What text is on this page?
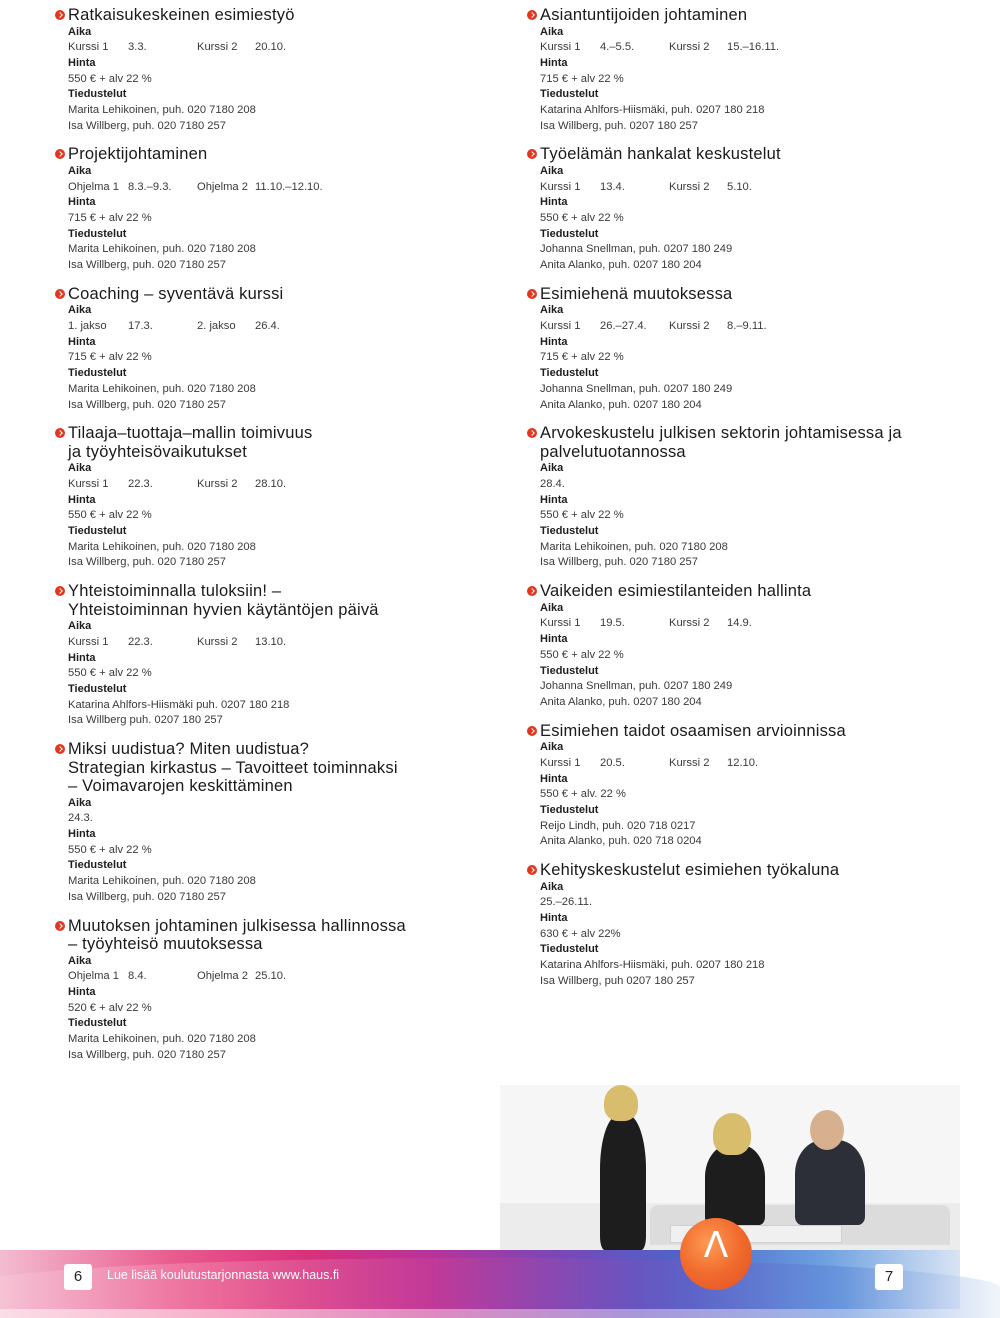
Ratkaisukeskeinen esimiestyö
Aika
Kurssi 1 3.3.	Kurssi 2 20.10.
Hinta
550 € + alv 22 %
Tiedustelut
Marita Lehikoinen, puh. 020 7180 208
Isa Willberg, puh. 020 7180 257
Projektijohtaminen
Aika
Ohjelma 1 8.3.–9.3. Ohjelma 2 11.10.–12.10.
Hinta
715 € + alv 22 %
Tiedustelut
Marita Lehikoinen, puh. 020 7180 208
Isa Willberg, puh. 020 7180 257
Coaching – syventävä kurssi
Aika
1. jakso 17.3.	2. jakso 26.4.
Hinta
715 € + alv 22 %
Tiedustelut
Marita Lehikoinen, puh. 020 7180 208
Isa Willberg, puh. 020 7180 257
Tilaaja–tuottaja–mallin toimivuus
ja työyhteisövaikutukset
Aika
Kurssi 1 22.3.	Kurssi 2 28.10.
Hinta
550 € + alv 22 %
Tiedustelut
Marita Lehikoinen, puh. 020 7180 208
Isa Willberg, puh. 020 7180 257
Yhteistoiminnalla tuloksiin! –
Yhteistoiminnan hyvien käytäntöjen päivä
Aika
Kurssi 1 22.3.	Kurssi 2 13.10.
Hinta
550 € + alv 22 %
Tiedustelut
Katarina Ahlfors-Hiismäki puh. 0207 180 218
Isa Willberg puh. 0207 180 257
Miksi uudistua? Miten uudistua?
Strategian kirkastus – Tavoitteet toiminnaksi
– Voimavarojen keskittäminen
Aika
24.3.
Hinta
550 € + alv 22 %
Tiedustelut
Marita Lehikoinen, puh. 020 7180 208
Isa Willberg, puh. 020 7180 257
Muutoksen johtaminen julkisessa hallinnossa
– työyhteisö muutoksessa
Aika
Ohjelma 1 8.4.	Ohjelma 2 25.10.
Hinta
520 € + alv 22 %
Tiedustelut
Marita Lehikoinen, puh. 020 7180 208
Isa Willberg, puh. 020 7180 257
Asiantuntijoiden johtaminen
Aika
Kurssi 1 4.–5.5.	Kurssi 2 15.–16.11.
Hinta
715 € + alv 22 %
Tiedustelut
Katarina Ahlfors-Hiismäki, puh. 0207 180 218
Isa Willberg, puh. 0207 180 257
Työelämän hankalat keskustelut
Aika
Kurssi 1 13.4.	Kurssi 2 5.10.
Hinta
550 € + alv 22 %
Tiedustelut
Johanna Snellman, puh. 0207 180 249
Anita Alanko, puh. 0207 180 204
Esimiehenä muutoksessa
Aika
Kurssi 1 26.–27.4. Kurssi 2 8.–9.11.
Hinta
715 € + alv 22 %
Tiedustelut
Johanna Snellman, puh. 0207 180 249
Anita Alanko, puh. 0207 180 204
Arvokeskustelu julkisen sektorin johtamisessa ja
palvelutuotannossa
Aika
28.4.
Hinta
550 € + alv 22 %
Tiedustelut
Marita Lehikoinen, puh. 020 7180 208
Isa Willberg, puh. 020 7180 257
Vaikeiden esimiestilanteiden hallinta
Aika
Kurssi 1 19.5.	Kurssi 2 14.9.
Hinta
550 € + alv 22 %
Tiedustelut
Johanna Snellman, puh. 0207 180 249
Anita Alanko, puh. 0207 180 204
Esimiehen taidot osaamisen arvioinnissa
Aika
Kurssi 1 20.5.	Kurssi 2 12.10.
Hinta
550 € + alv. 22 %
Tiedustelut
Reijo Lindh, puh. 020 718 0217
Anita Alanko, puh. 020 718 0204
Kehityskeskustelut esimiehen työkaluna
Aika
25.–26.11.
Hinta
630 € + alv 22%
Tiedustelut
Katarina Ahlfors-Hiismäki, puh. 0207 180 218
Isa Willberg, puh 0207 180 257
Λ
6	Lue lisää koulutustarjonnasta www.haus.fi	7
